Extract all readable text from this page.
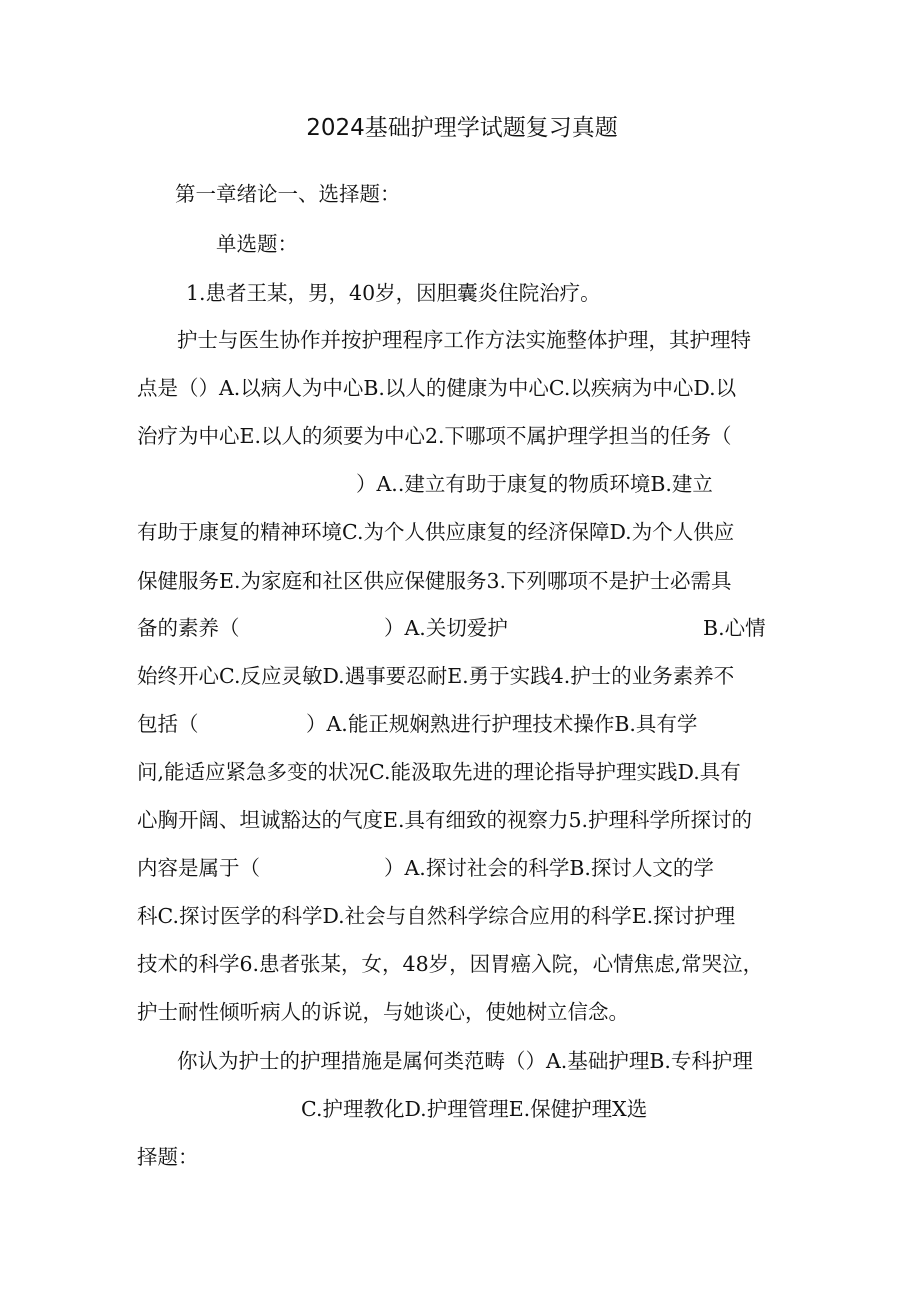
2024基础护理学试题复习真题
第一章绪论一、选择题：
单选题：
1.患者王某，男，40岁，因胆囊炎住院治疗。
护士与医生协作并按护理程序工作方法实施整体护理，其护理特
点是（）A.以病人为中心B.以人的健康为中心C.以疾病为中心D.以
治疗为中心E.以人的须要为中心2.下哪项不属护理学担当的任务（
）A..建立有助于康复的物质环境B.建立
有助于康复的精神环境C.为个人供应康复的经济保障D.为个人供应
保健服务E.为家庭和社区供应保健服务3.下列哪项不是护士必需具
备的素养（	）A.关切爱护	B.心情
始终开心C.反应灵敏D.遇事要忍耐E.勇于实践4.护士的业务素养不
包括（	）A.能正规娴熟进行护理技术操作B.具有学
问,能适应紧急多变的状况C.能汲取先进的理论指导护理实践D.具有
心胸开阔、坦诚豁达的气度E.具有细致的视察力5.护理科学所探讨的
内容是属于（	）A.探讨社会的科学B.探讨人文的学
科C.探讨医学的科学D.社会与自然科学综合应用的科学E.探讨护理
技术的科学6.患者张某，女，48岁，因胃癌入院，心情焦虑,常哭泣，
护士耐性倾听病人的诉说，与她谈心，使她树立信念。
你认为护士的护理措施是属何类范畴（）A.基础护理B.专科护理
C.护理教化D.护理管理E.保健护理X选
择题：
